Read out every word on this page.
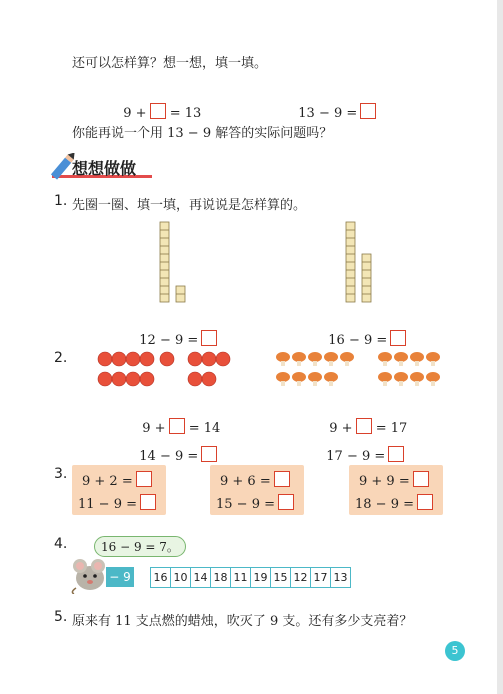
还可以怎样算？想一想，填一填。

9 + = 13	13 − 9 =

你能再说一个用 13 − 9 解答的实际问题吗？
想想做做
1. 先圈一圈、填一填，再说说是怎样算的。

12 − 9 =	16 − 9 =

2.

9 + = 14

14 − 9 =

9 + = 17

17 − 9 =

3. 9 + 2 =
11 − 9 =
9 + 6 =
15 − 9 =
9 + 9 =
18 − 9 =
4.	16 − 9 = 7。
− 9 16 10 14 18 11 19 15 12 17 13
5. 原来有 11 支点燃的蜡烛，吹灭了 9 支。还有多少支亮着？
5
